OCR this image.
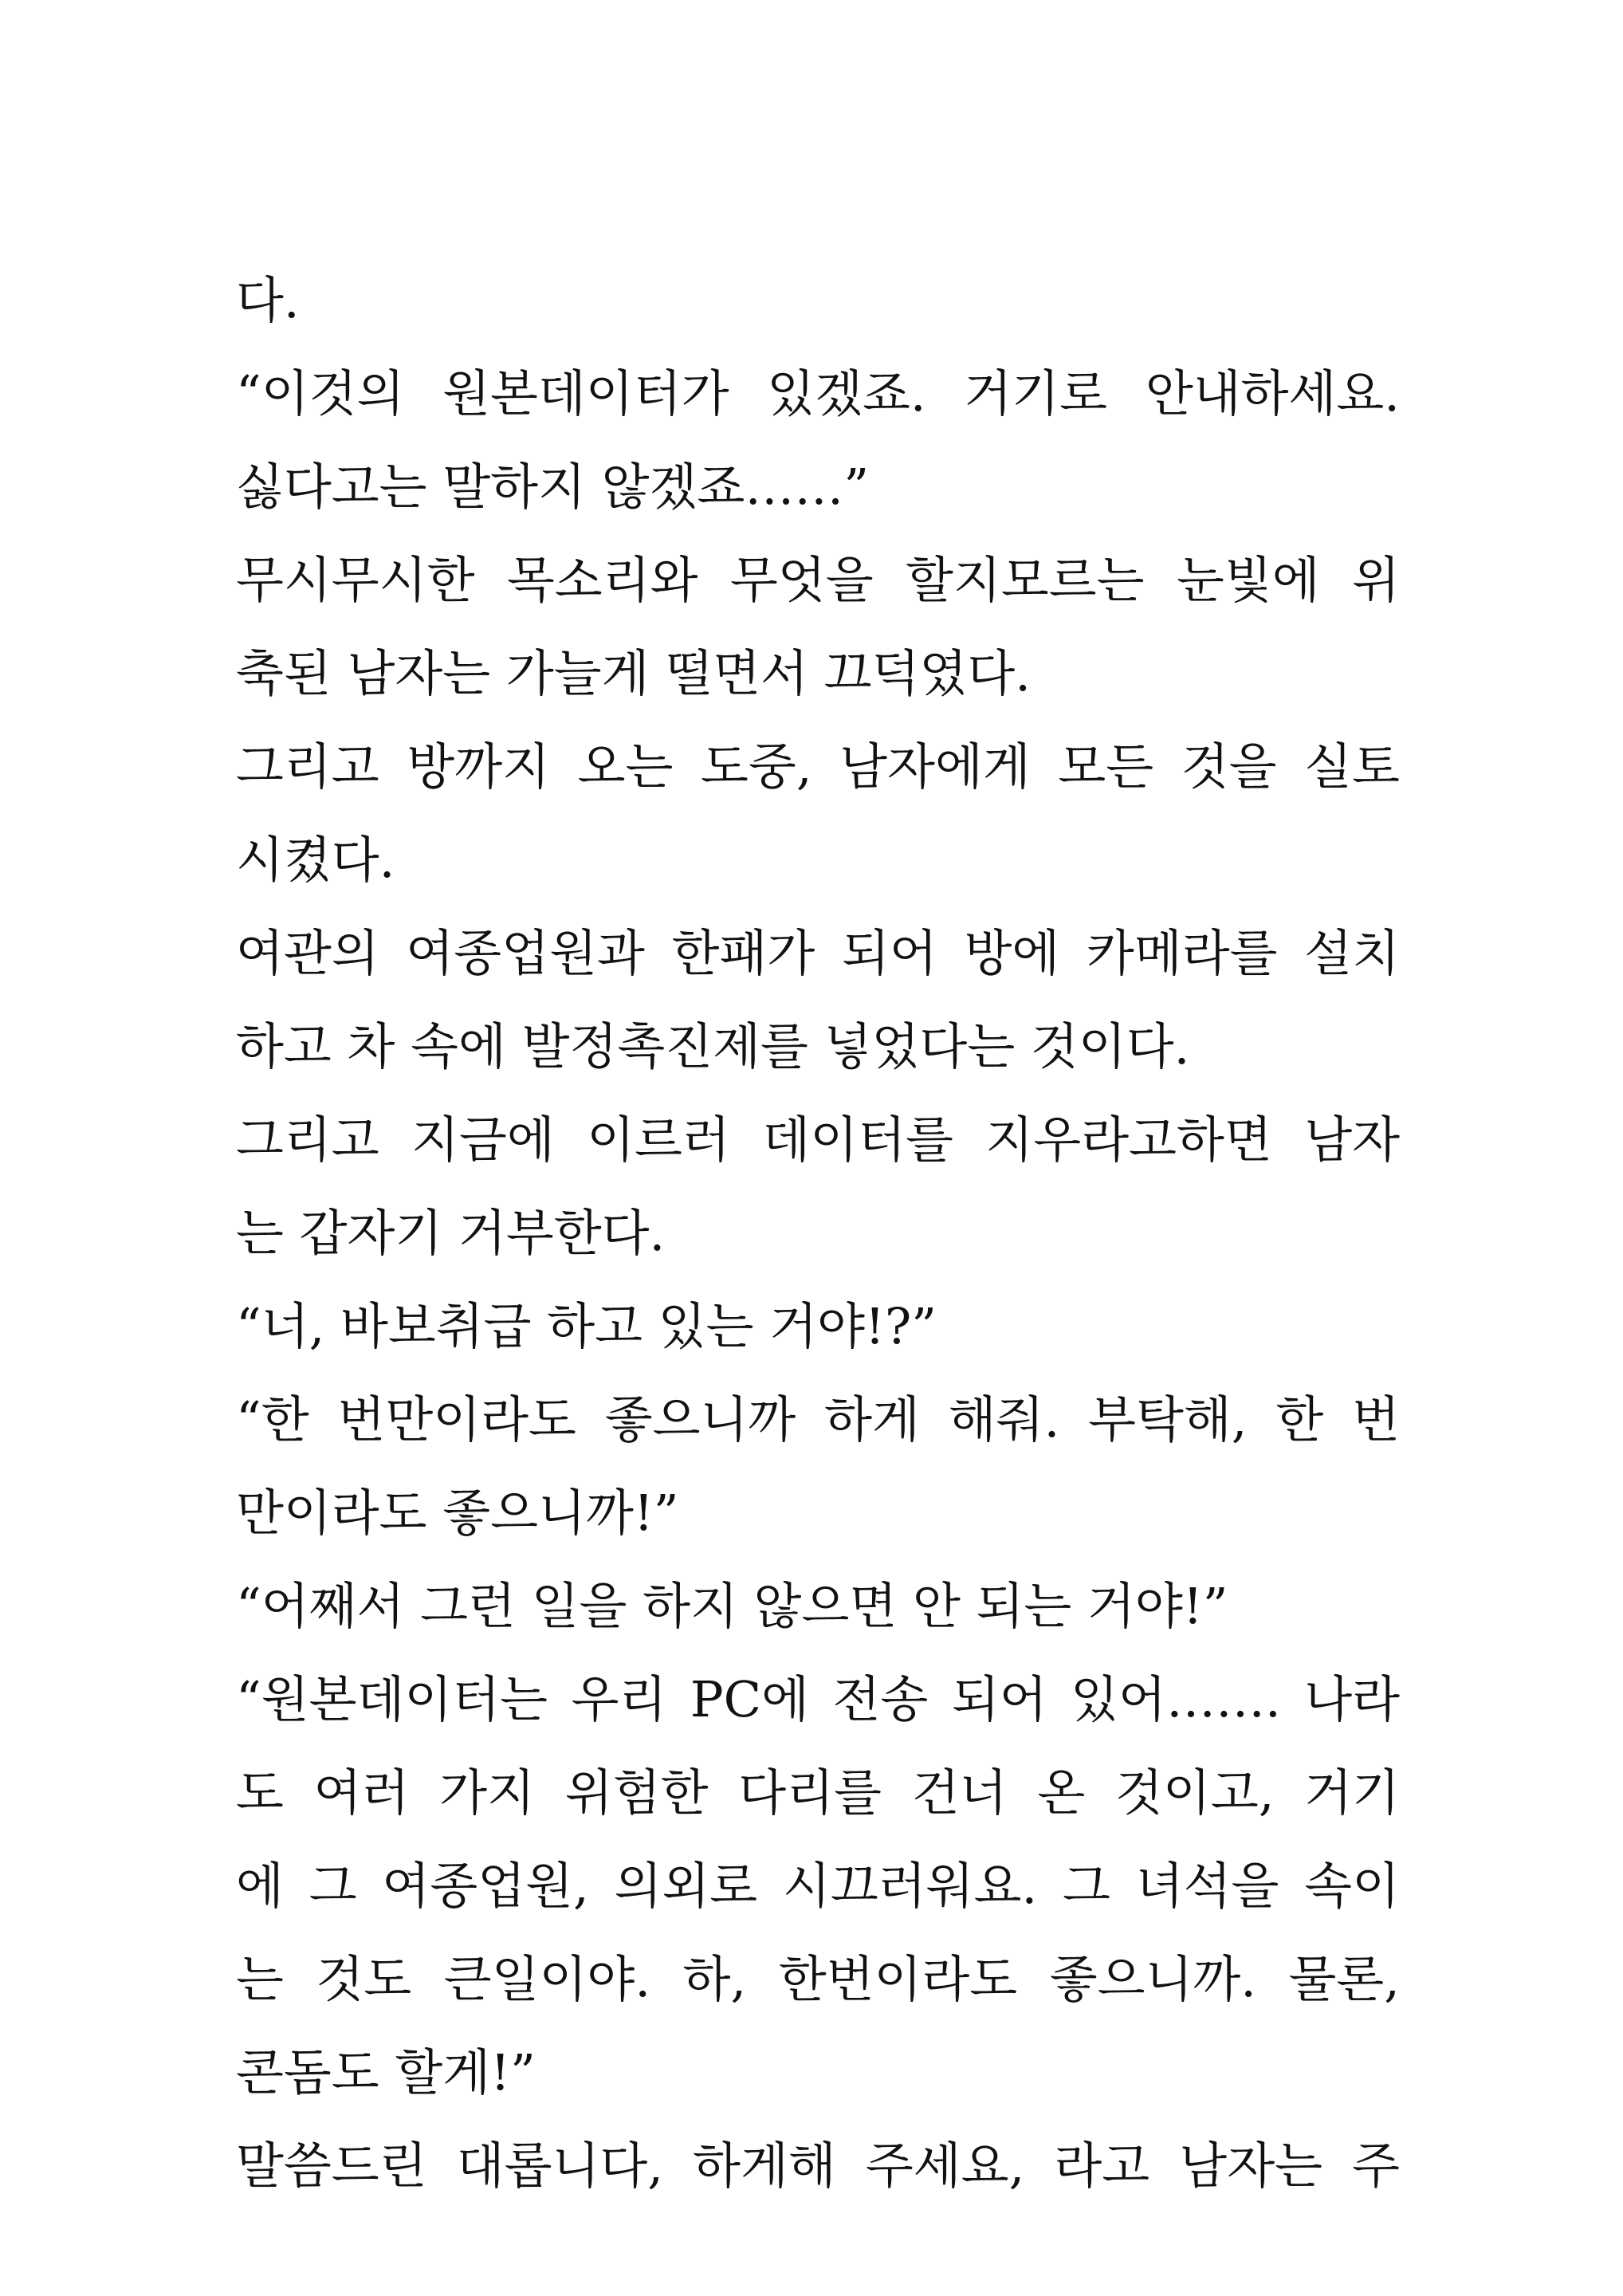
다.
“이것의 원본데이터가 있겠죠. 거기로 안내하세요.
싫다고는 말하지 않겠죠……”
무시무시한 목소리와 무엇을 할지모르는 눈빛에 위
축된 남자는 가늘게 떨면서 끄덕였다.
그리고 방까지 오는 도중, 남자에게 모든 것을 실토
시켰다.
여관의 여종업원과 한패가 되어 방에 카메라를 설치
하고 차 속에 발정촉진제를 넣었다는 것이다.
그리고 지금에 이르러 데이터를 지우라고하면 남자
는 갑자기 거부한다.
“너, 바보취급 하고 있는 거야!?”
“한 번만이라도 좋으니까 하게 해줘. 부탁해, 한 번
만이라도 좋으니까!”
“어째서 그런 일을 하지 않으면 안 되는 거야!”
“원본데이터는 우리 PC에 전송 되어 있어……. 나라
도 여러 가지 위험한 다리를 건너 온 것이고, 거기
에 그 여종업원, 의외로 시끄러워요. 그 녀석을 속이
는 것도 큰일이야. 하, 한번이라도 좋으니까. 물론,
콘돔도 할게!”
말씀드린 대롭니다, 하게해 주세요, 라고 남자는 주
